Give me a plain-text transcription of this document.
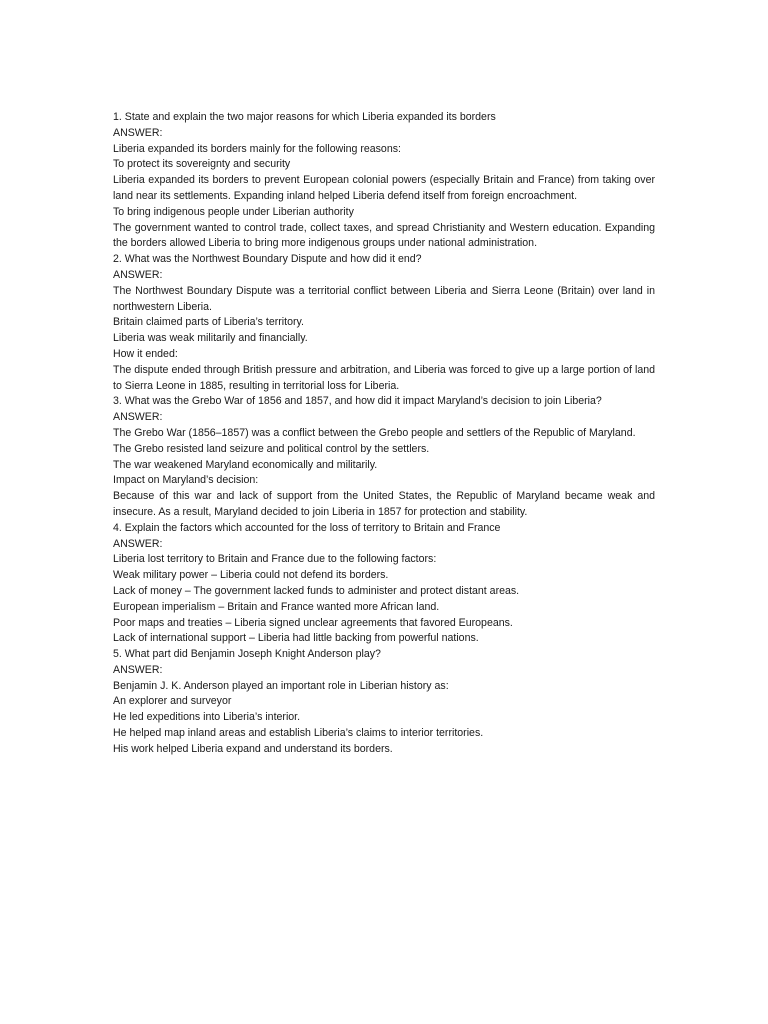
1. State and explain the two major reasons for which Liberia expanded its borders
ANSWER:
Liberia expanded its borders mainly for the following reasons:
To protect its sovereignty and security
Liberia expanded its borders to prevent European colonial powers (especially Britain and France) from taking over land near its settlements. Expanding inland helped Liberia defend itself from foreign encroachment.
To bring indigenous people under Liberian authority
The government wanted to control trade, collect taxes, and spread Christianity and Western education. Expanding the borders allowed Liberia to bring more indigenous groups under national administration.
2. What was the Northwest Boundary Dispute and how did it end?
ANSWER:
The Northwest Boundary Dispute was a territorial conflict between Liberia and Sierra Leone (Britain) over land in northwestern Liberia.
Britain claimed parts of Liberia’s territory.
Liberia was weak militarily and financially.
How it ended:
The dispute ended through British pressure and arbitration, and Liberia was forced to give up a large portion of land to Sierra Leone in 1885, resulting in territorial loss for Liberia.
3. What was the Grebo War of 1856 and 1857, and how did it impact Maryland’s decision to join Liberia?
ANSWER:
The Grebo War (1856–1857) was a conflict between the Grebo people and settlers of the Republic of Maryland.
The Grebo resisted land seizure and political control by the settlers.
The war weakened Maryland economically and militarily.
Impact on Maryland’s decision:
Because of this war and lack of support from the United States, the Republic of Maryland became weak and insecure. As a result, Maryland decided to join Liberia in 1857 for protection and stability.
4. Explain the factors which accounted for the loss of territory to Britain and France
ANSWER:
Liberia lost territory to Britain and France due to the following factors:
Weak military power – Liberia could not defend its borders.
Lack of money – The government lacked funds to administer and protect distant areas.
European imperialism – Britain and France wanted more African land.
Poor maps and treaties – Liberia signed unclear agreements that favored Europeans.
Lack of international support – Liberia had little backing from powerful nations.
5. What part did Benjamin Joseph Knight Anderson play?
ANSWER:
Benjamin J. K. Anderson played an important role in Liberian history as:
An explorer and surveyor
He led expeditions into Liberia’s interior.
He helped map inland areas and establish Liberia’s claims to interior territories.
His work helped Liberia expand and understand its borders.
